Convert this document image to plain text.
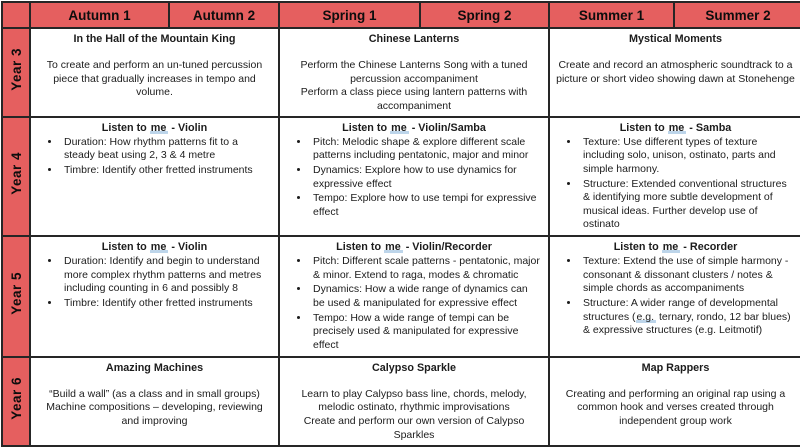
	Autumn 1	Autumn 2	Spring 1	Spring 2	Summer 1	Summer 2
Year 3	
In the Hall of the Mountain King
To create and perform an un-tuned percussion piece that gradually increases in tempo and volume.

Chinese Lanterns
Perform the Chinese Lanterns Song with a tuned percussion accompaniment
Perform a class piece using lantern patterns with accompaniment

Mystical Moments
Create and record an atmospheric soundtrack to a picture or short video showing dawn at Stonehenge

Year 4	
Listen to me - Violin
• Duration: How rhythm patterns fit to a steady beat using 2, 3 & 4 metre
• Timbre: Identify other fretted instruments

Listen to me - Violin/Samba
• Pitch: Melodic shape & explore different scale patterns including pentatonic, major and minor
• Dynamics: Explore how to use dynamics for expressive effect
• Tempo: Explore how to use tempi for expressive effect

Listen to me - Samba
• Texture: Use different types of texture including solo, unison, ostinato, parts and simple harmony.
• Structure: Extended conventional structures & identifying more subtle development of musical ideas. Further develop use of ostinato

Year 5	
Listen to me - Violin
• Duration: Identify and begin to understand more complex rhythm patterns and metres including counting in 6 and possibly 8
• Timbre: Identify other fretted instruments

Listen to me - Violin/Recorder
• Pitch: Different scale patterns - pentatonic, major & minor. Extend to raga, modes & chromatic
• Dynamics: How a wide range of dynamics can be used & manipulated for expressive effect
• Tempo: How a wide range of tempi can be precisely used & manipulated for expressive effect

Listen to me - Recorder
• Texture: Extend the use of simple harmony - consonant & dissonant clusters / notes & simple chords as accompaniments
• Structure: A wider range of developmental structures (e.g. ternary, rondo, 12 bar blues) & expressive structures (e.g. Leitmotif)

Year 6	
Amazing Machines
“Build a wall” (as a class and in small groups)
Machine compositions – developing, reviewing and improving

Calypso Sparkle
Learn to play Calypso bass line, chords, melody, melodic ostinato, rhythmic improvisations
Create and perform our own version of Calypso Sparkles

Map Rappers
Creating and performing an original rap using a common hook and verses created through independent group work
